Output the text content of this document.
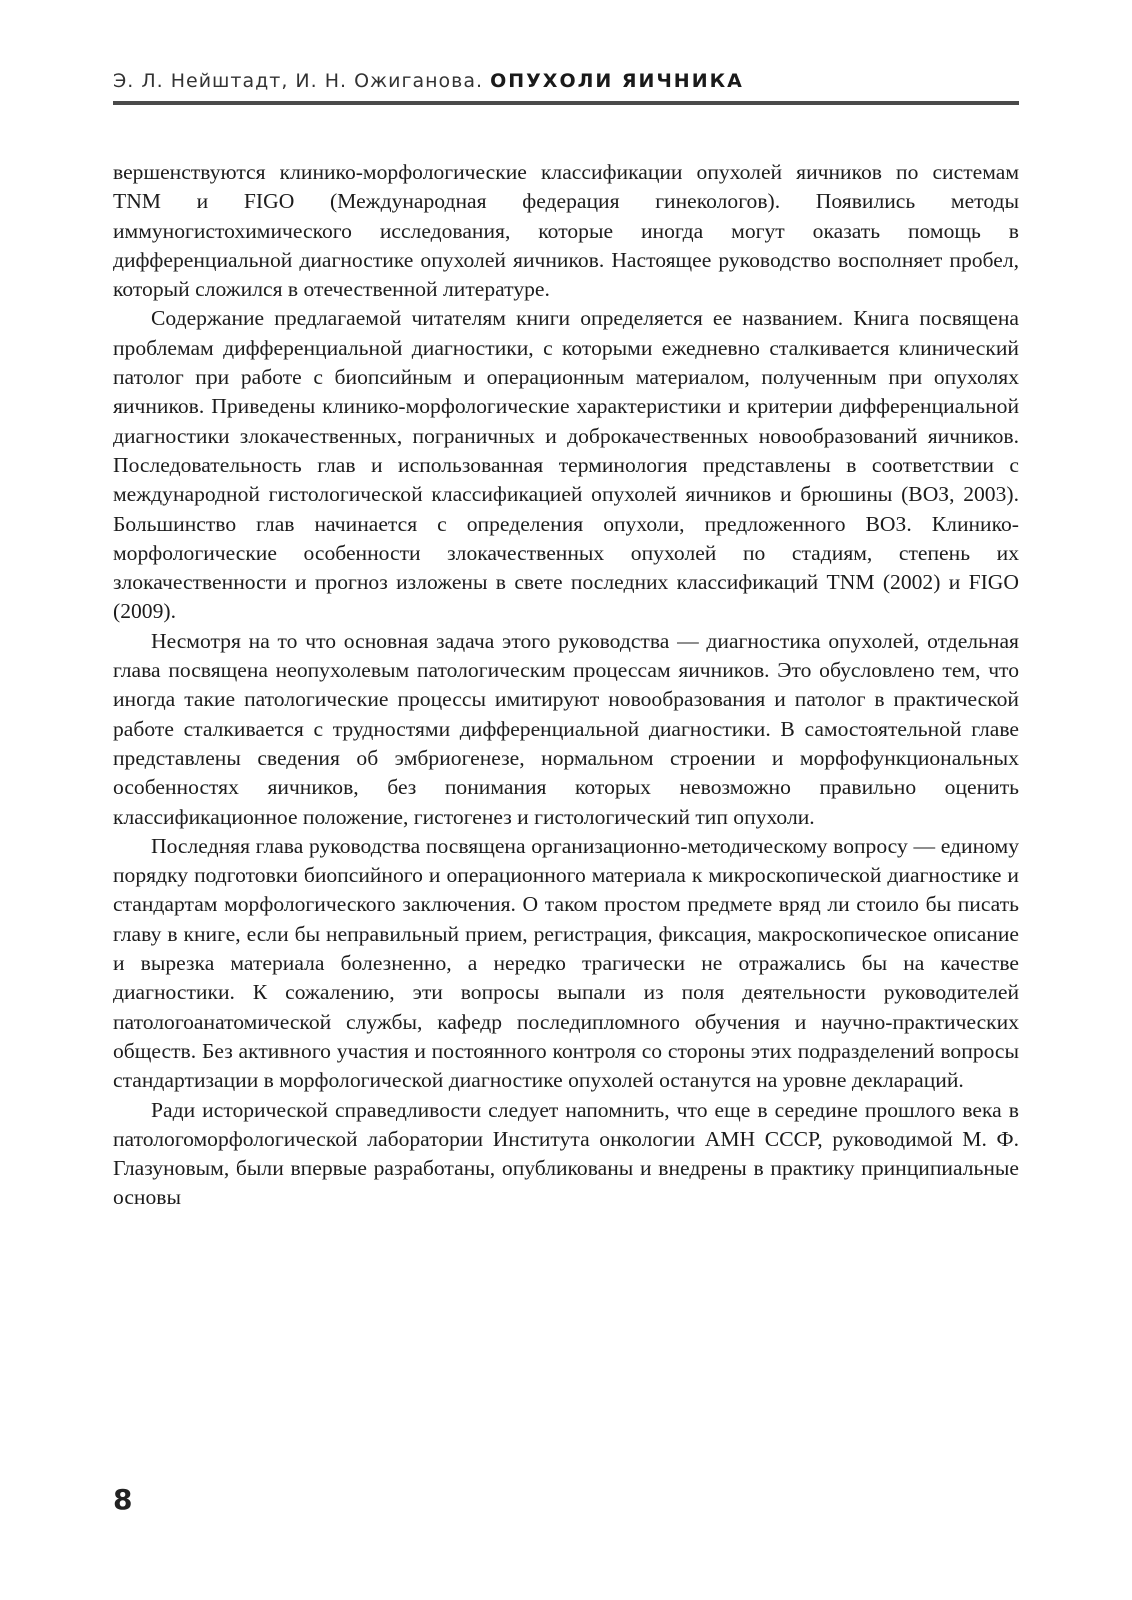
Э. Л. Нейштадт, И. Н. Ожиганова. ОПУХОЛИ ЯИЧНИКА

вершенствуются клинико-морфологические классификации опухолей яичников по системам TNM и FIGO (Международная федерация гинекологов). Появились методы иммуногистохимического исследования, которые иногда могут оказать помощь в дифференциальной диагностике опухолей яичников. Настоящее руководство восполняет пробел, который сложился в отечественной литературе.

Содержание предлагаемой читателям книги определяется ее названием. Книга посвящена проблемам дифференциальной диагностики, с которыми ежедневно сталкивается клинический патолог при работе с биопсийным и операционным материалом, полученным при опухолях яичников. Приведены клинико-морфологические характеристики и критерии дифференциальной диагностики злокачественных, пограничных и доброкачественных новообразований яичников. Последовательность глав и использованная терминология представлены в соответствии с международной гистологической классификацией опухолей яичников и брюшины (ВОЗ, 2003). Большинство глав начинается с определения опухоли, предложенного ВОЗ. Клинико-морфологические особенности злокачественных опухолей по стадиям, степень их злокачественности и прогноз изложены в свете последних классификаций TNM (2002) и FIGO (2009).

Несмотря на то что основная задача этого руководства — диагностика опухолей, отдельная глава посвящена неопухолевым патологическим процессам яичников. Это обусловлено тем, что иногда такие патологические процессы имитируют новообразования и патолог в практической работе сталкивается с трудностями дифференциальной диагностики. В самостоятельной главе представлены сведения об эмбриогенезе, нормальном строении и морфофункциональных особенностях яичников, без понимания которых невозможно правильно оценить классификационное положение, гистогенез и гистологический тип опухоли.

Последняя глава руководства посвящена организационно-методическому вопросу — единому порядку подготовки биопсийного и операционного материала к микроскопической диагностике и стандартам морфологического заключения. О таком простом предмете вряд ли стоило бы писать главу в книге, если бы неправильный прием, регистрация, фиксация, макроскопическое описание и вырезка материала болезненно, а нередко трагически не отражались бы на качестве диагностики. К сожалению, эти вопросы выпали из поля деятельности руководителей патологоанатомической службы, кафедр последипломного обучения и научно-практических обществ. Без активного участия и постоянного контроля со стороны этих подразделений вопросы стандартизации в морфологической диагностике опухолей останутся на уровне деклараций.

Ради исторической справедливости следует напомнить, что еще в середине прошлого века в патологоморфологической лаборатории Института онкологии АМН СССР, руководимой М. Ф. Глазуновым, были впервые разработаны, опубликованы и внедрены в практику принципиальные основы

8
